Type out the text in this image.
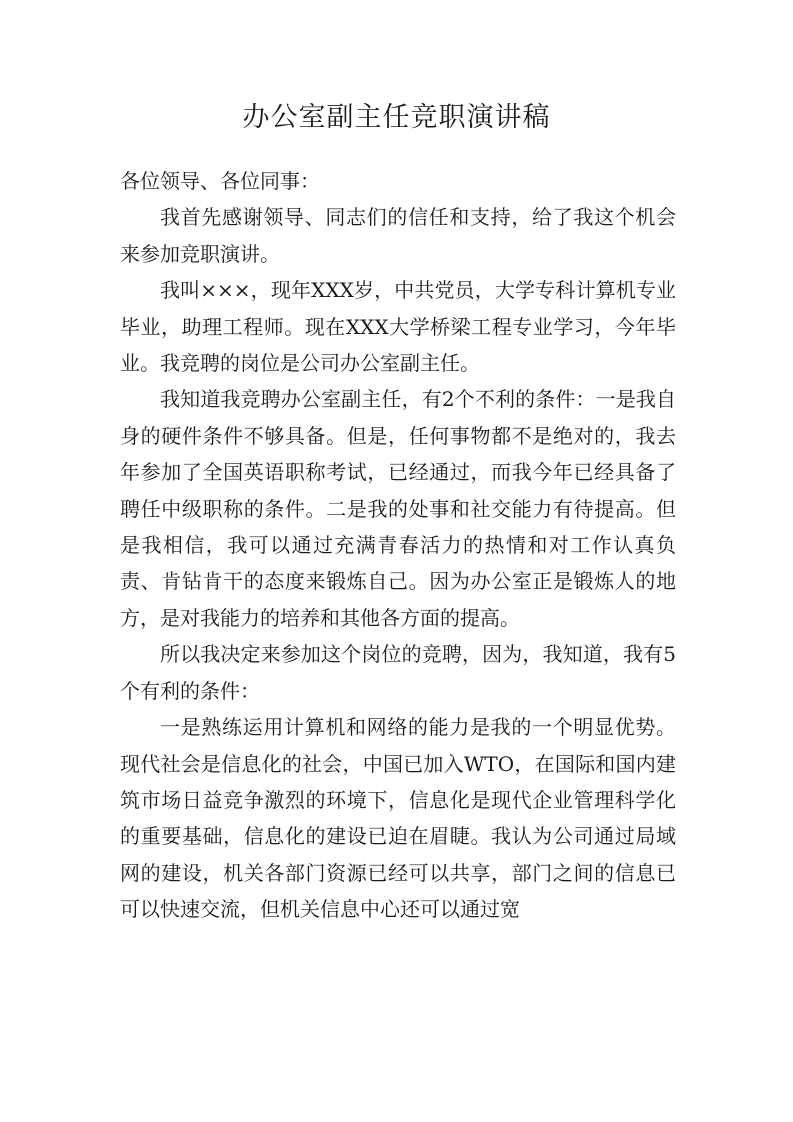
办公室副主任竞职演讲稿

各位领导、各位同事：

我首先感谢领导、同志们的信任和支持，给了我这个机会来参加竞职演讲。

我叫×××，现年XXX岁，中共党员，大学专科计算机专业毕业，助理工程师。现在XXX大学桥梁工程专业学习，今年毕业。我竞聘的岗位是公司办公室副主任。

我知道我竞聘办公室副主任，有2个不利的条件：一是我自身的硬件条件不够具备。但是，任何事物都不是绝对的，我去年参加了全国英语职称考试，已经通过，而我今年已经具备了聘任中级职称的条件。二是我的处事和社交能力有待提高。但是我相信，我可以通过充满青春活力的热情和对工作认真负责、肯钻肯干的态度来锻炼自己。因为办公室正是锻炼人的地方，是对我能力的培养和其他各方面的提高。

所以我决定来参加这个岗位的竞聘，因为，我知道，我有5个有利的条件：

一是熟练运用计算机和网络的能力是我的一个明显优势。现代社会是信息化的社会，中国已加入WTO，在国际和国内建筑市场日益竞争激烈的环境下，信息化是现代企业管理科学化的重要基础，信息化的建设已迫在眉睫。我认为公司通过局域网的建设，机关各部门资源已经可以共享，部门之间的信息已可以快速交流，但机关信息中心还可以通过宽
